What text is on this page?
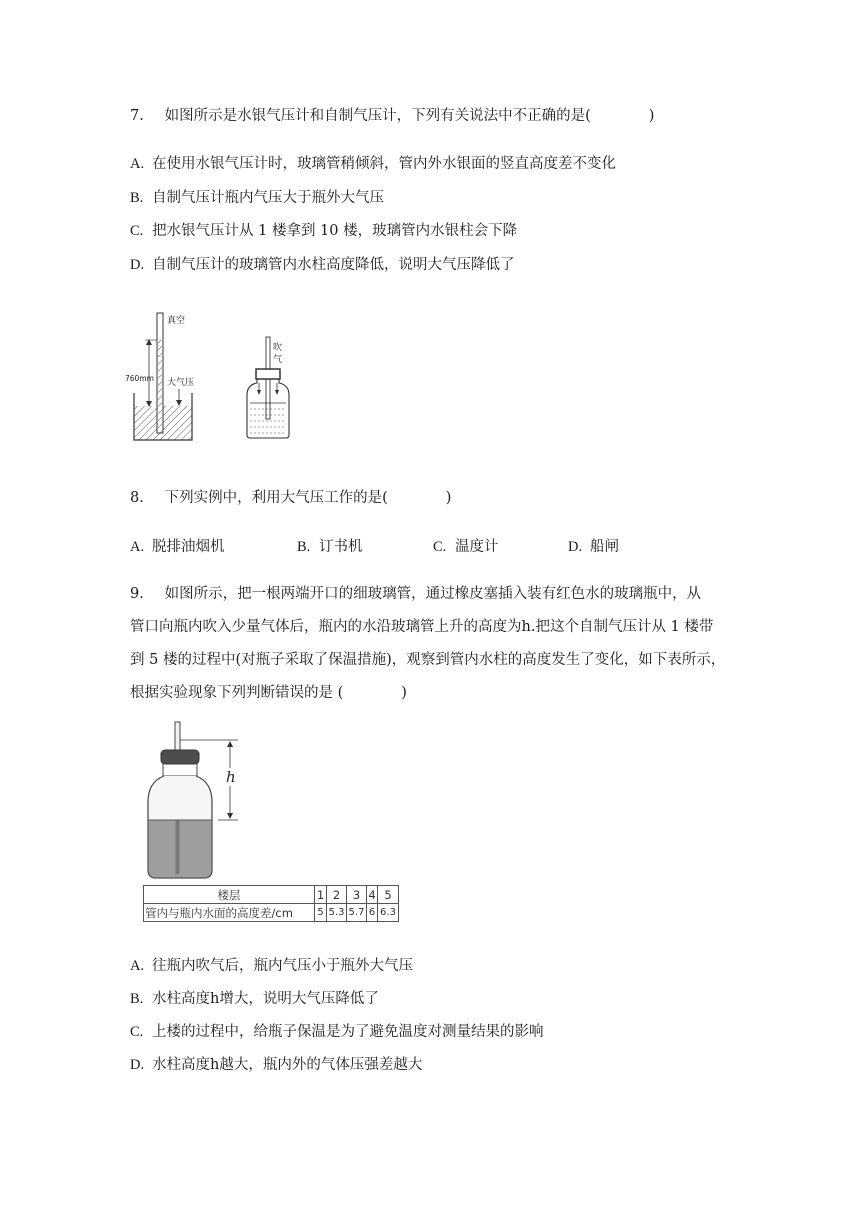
7. 如图所示是水银气压计和自制气压计，下列有关说法中不正确的是(　　　　)
A. 在使用水银气压计时，玻璃管稍倾斜，管内外水银面的竖直高度差不变化
B. 自制气压计瓶内气压大于瓶外大气压
C. 把水银气压计从 1 楼拿到 10 楼，玻璃管内水银柱会下降
D. 自制气压计的玻璃管内水柱高度降低，说明大气压降低了
真空
760mm 大气压
吹
气
8. 下列实例中，利用大气压工作的是(　　　　)
A. 脱排油烟机	B. 订书机	C. 温度计	D. 船闸
9. 如图所示，把一根两端开口的细玻璃管，通过橡皮塞插入装有红色水的玻璃瓶中，从
管口向瓶内吹入少量气体后，瓶内的水沿玻璃管上升的高度为h.把这个自制气压计从 1 楼带
到 5 楼的过程中(对瓶子采取了保温措施)，观察到管内水柱的高度发生了变化，如下表所示，
根据实验现象下列判断错误的是 (　　　　)
h
楼层	1	2	3	4	5
管内与瓶内水面的高度差/cm	5	5.3	5.7	6	6.3
A. 往瓶内吹气后，瓶内气压小于瓶外大气压
B. 水柱高度h增大，说明大气压降低了
C. 上楼的过程中，给瓶子保温是为了避免温度对测量结果的影响
D. 水柱高度h越大，瓶内外的气体压强差越大
